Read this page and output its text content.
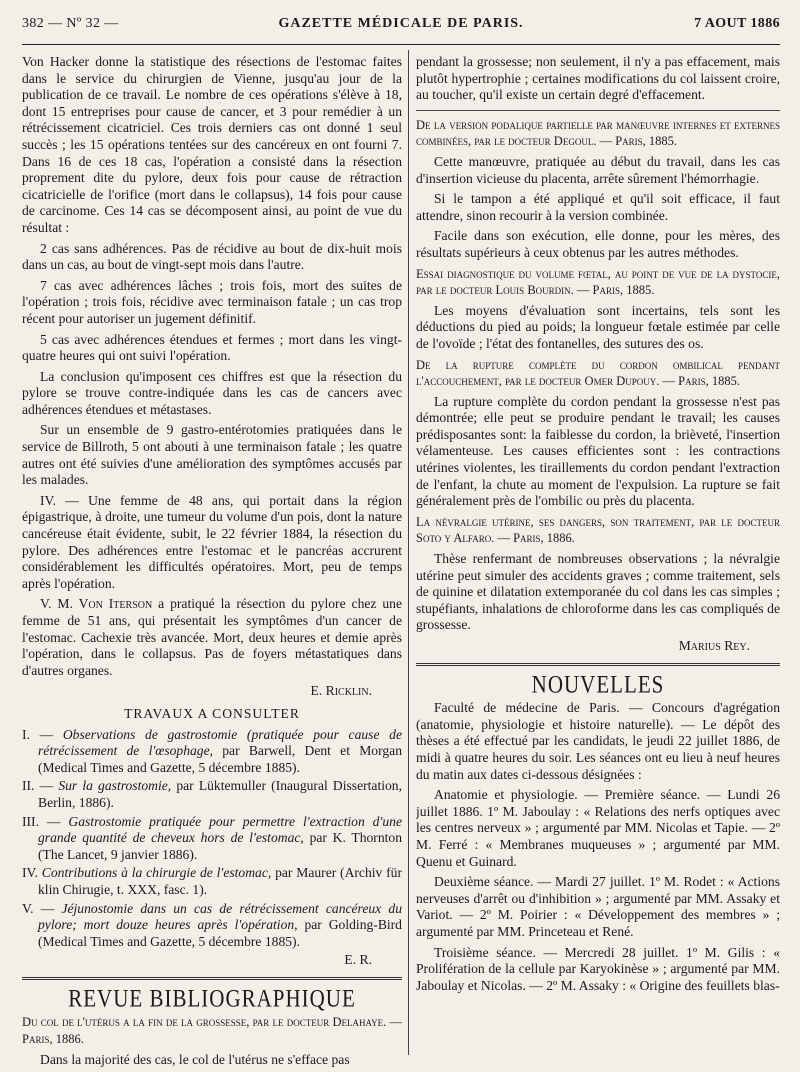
382 — Nº 32 —	GAZETTE MÉDICALE DE PARIS.	7 AOUT 1886

Von Hacker donne la statistique des résections de l'estomac faites dans le service du chirurgien de Vienne, jusqu'au jour de la publication de ce travail. Le nombre de ces opérations s'élève à 18, dont 15 entreprises pour cause de cancer, et 3 pour remédier à un rétrécissement cicatriciel. Ces trois derniers cas ont donné 1 seul succès ; les 15 opérations tentées sur des cancéreux en ont fourni 7. Dans 16 de ces 18 cas, l'opération a consisté dans la résection proprement dite du pylore, deux fois pour cause de rétraction cicatricielle de l'orifice (mort dans le collapsus), 14 fois pour cause de carcinome. Ces 14 cas se décomposent ainsi, au point de vue du résultat :

2 cas sans adhérences. Pas de récidive au bout de dix-huit mois dans un cas, au bout de vingt-sept mois dans l'autre.

7 cas avec adhérences lâches ; trois fois, mort des suites de l'opération ; trois fois, récidive avec terminaison fatale ; un cas trop récent pour autoriser un jugement définitif.

5 cas avec adhérences étendues et fermes ; mort dans les vingt-quatre heures qui ont suivi l'opération.

La conclusion qu'imposent ces chiffres est que la résection du pylore se trouve contre-indiquée dans les cas de cancers avec adhérences étendues et métastases.

Sur un ensemble de 9 gastro-entérotomies pratiquées dans le service de Billroth, 5 ont abouti à une terminaison fatale ; les quatre autres ont été suivies d'une amélioration des symptômes accusés par les malades.

IV. — Une femme de 48 ans, qui portait dans la région épigastrique, à droite, une tumeur du volume d'un pois, dont la nature cancéreuse était évidente, subit, le 22 février 1884, la résection du pylore. Des adhérences entre l'estomac et le pancréas accrurent considérablement les difficultés opératoires. Mort, peu de temps après l'opération.

V. M. Von Iterson a pratiqué la résection du pylore chez une femme de 51 ans, qui présentait les symptômes d'un cancer de l'estomac. Cachexie très avancée. Mort, deux heures et demie après l'opération, dans le collapsus. Pas de foyers métastatiques dans d'autres organes.

E. Ricklin.
TRAVAUX A CONSULTER

I. — Observations de gastrostomie (pratiquée pour cause de rétrécissement de l'œsophage, par Barwell, Dent et Morgan (Medical Times and Gazette, 5 décembre 1885).

II. — Sur la gastrostomie, par Lüktemuller (Inaugural Dissertation, Berlin, 1886).

III. — Gastrostomie pratiquée pour permettre l'extraction d'une grande quantité de cheveux hors de l'estomac, par K. Thornton (The Lancet, 9 janvier 1886).

IV. Contributions à la chirurgie de l'estomac, par Maurer (Archiv für klin Chirugie, t. XXX, fasc. 1).

V. — Jéjunostomie dans un cas de rétrécissement cancéreux du pylore; mort douze heures après l'opération, par Golding-Bird (Medical Times and Gazette, 5 décembre 1885).

E. R.
REVUE BIBLIOGRAPHIQUE

Du col de l'utérus a la fin de la grossesse, par le docteur Delahaye. — Paris, 1886.

Dans la majorité des cas, le col de l'utérus ne s'efface pas

pendant la grossesse; non seulement, il n'y a pas effacement, mais plutôt hypertrophie ; certaines modifications du col laissent croire, au toucher, qu'il existe un certain degré d'effacement.

De la version podalique partielle par manœuvre internes et externes combinées, par le docteur Degoul. — Paris, 1885.

Cette manœuvre, pratiquée au début du travail, dans les cas d'insertion vicieuse du placenta, arrête sûrement l'hémorrhagie.

Si le tampon a été appliqué et qu'il soit efficace, il faut attendre, sinon recourir à la version combinée.

Facile dans son exécution, elle donne, pour les mères, des résultats supérieurs à ceux obtenus par les autres méthodes.

Essai diagnostique du volume fœtal, au point de vue de la dystocie, par le docteur Louis Bourdin. — Paris, 1885.

Les moyens d'évaluation sont incertains, tels sont les déductions du pied au poids; la longueur fœtale estimée par celle de l'ovoïde ; l'état des fontanelles, des sutures des os.

De la rupture complète du cordon ombilical pendant l'accouchement, par le docteur Omer Dupouy. — Paris, 1885.

La rupture complète du cordon pendant la grossesse n'est pas démontrée; elle peut se produire pendant le travail; les causes prédisposantes sont: la faiblesse du cordon, la brièveté, l'insertion vélamenteuse. Les causes efficientes sont : les contractions utérines violentes, les tiraillements du cordon pendant l'extraction de l'enfant, la chute au moment de l'expulsion. La rupture se fait généralement près de l'ombilic ou près du placenta.

La névralgie utérine, ses dangers, son traitement, par le docteur Soto y Alfaro. — Paris, 1886.

Thèse renfermant de nombreuses observations ; la névralgie utérine peut simuler des accidents graves ; comme traitement, sels de quinine et dilatation extemporanée du col dans les cas simples ; stupéfiants, inhalations de chloroforme dans les cas compliqués de grossesse.

Marius Rey.
NOUVELLES

Faculté de médecine de Paris. — Concours d'agrégation (anatomie, physiologie et histoire naturelle). — Le dépôt des thèses a été effectué par les candidats, le jeudi 22 juillet 1886, de midi à quatre heures du soir. Les séances ont eu lieu à neuf heures du matin aux dates ci-dessous désignées :

Anatomie et physiologie. — Première séance. — Lundi 26 juillet 1886. 1º M. Jaboulay : « Relations des nerfs optiques avec les centres nerveux » ; argumenté par MM. Nicolas et Tapie. — 2º M. Ferré : « Membranes muqueuses » ; argumenté par MM. Quenu et Guinard.

Deuxième séance. — Mardi 27 juillet. 1º M. Rodet : « Actions nerveuses d'arrêt ou d'inhibition » ; argumenté par MM. Assaky et Variot. — 2º M. Poirier : « Développement des membres » ; argumenté par MM. Princeteau et René.

Troisième séance. — Mercredi 28 juillet. 1º M. Gilis : « Prolifération de la cellule par Karyokinèse » ; argumenté par MM. Jaboulay et Nicolas. — 2º M. Assaky : « Origine des feuillets blas-
